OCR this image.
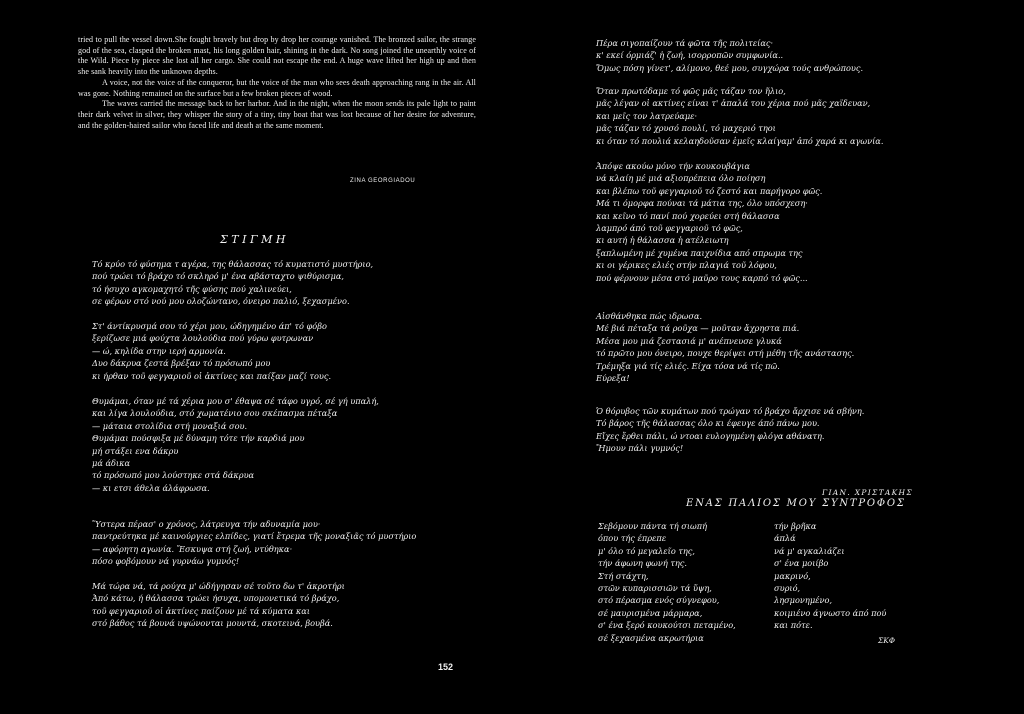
tried to pull the vessel down.She fought bravely but drop by drop her courage vanished. The bronzed sailor, the strange god of the sea, clasped the broken mast, his long golden hair, shining in the dark. No song joined the unearthly voice of the Wild. Piece by piece she lost all her cargo. She could not escape the end. A huge wave lifted her high up and then she sank heavily into the unknown depths.

A voice, not the voice of the conqueror, but the voice of the man who sees death approaching rang in the air. All was gone. Nothing remained on the surface but a few broken pieces of wood.

The waves carried the message back to her harbor. And in the night, when the moon sends its pale light to paint their dark velvet in silver, they whisper the story of a tiny, tiny boat that was lost because of her desire for adventure, and the golden-haired sailor who faced life and death at the same moment.

ZINA GEORGIADOU
ΣΤΙΓΜΗ

Τό κρύο τό φύσημα τ αγέρα, της θάλασσας τό κυματιστό μυστήριο,

πού τρώει τό βράχο τό σκληρό μ' ένα αβάσταχτο ψιθύρισμα,

τό ήσυχο αγκομαχητό τῆς φύσης πού χαλινεύει,

σε φέρων στό νού μου ολοζώντανο, όνειρο παλιό, ξεχασμένο.

Στ' άντίκρυσμά σου τό χέρι μου, ώδηγημένο άπ' τό φόβο

ξερίζωσε μιά φούχτα λουλούδια πού γύρω φυτρωναν

— ώ, κηλίδα στην ιερή αρμονία.

Δυο δάκρυα ζεστά βρέξαν τό πρόσωπό μου

κι ήρθαν τοῦ φεγγαριοῦ οἱ ἀκτίνες και παίξαν μαζί τους.

Θυμάμαι, όταν μέ τά χέρια μου σ' έθαψα σέ τάφο υγρό, σέ γή υπαλή,

και λίγα λουλούδια, στό χωματένιο σου σκέπασμα πέταξα

— μάταια στολίδια στή μοναξιά σου.

Θυμάμαι πούσφιξα μέ δύναμη τότε τήν καρδιά μου

μή στάξει ενα δάκρυ

μά άδικα

τό πρόσωπό μου λούστηκε στά δάκρυα

— κι ετσι άθελα άλάφρωσα.

Ὕστερα πέρασ' ο χρόνος, λάτρευγα τήν αδυναμία μου·

παντρεύτηκα μέ καινούργιες ελπίδες, γιατί ἔτρεμα τῆς μοναξιᾶς τό μυστήριο

— αφόρητη αγωνία. Ἔσκυψα στή ζωή, ντύθηκα·

πόσο φοβόμουν νά γυρνάω γυμνός!

Μά τώρα νά, τά ρούχα μ' ώδήγησαν σέ τοῦτο δω τ' ἀκροτήρι

Ἀπό κάτω, ή θάλασσα τρώει ήσυχα, υπομονετικά τό βράχο,

τοῦ φεγγαριοῦ οἱ ἀκτίνες παίζουν μέ τά κύματα και

στό βάθος τά βουνά υψώνονται μουντά, σκοτεινά, βουβά.

Πέρα σιγοπαίζουν τά φῶτα τῆς πολιτείας·

κ' εκεί όρμιάζ' ἡ ζωή, ισορροπῶν συμφωνία..

Ὅμως πόση γίνετ', αλίμονο, θεέ μου, συγχώρα τούς ανθρώπους.

Ὅταν πρωτόδαμε τό φῶς μᾶς τάζαν τον ἥλιο,

μᾶς λέγαν οἱ ακτίνες είναι τ' ἁπαλά του χέρια πού μᾶς χαϊδευαν,

και μεῖς τον λατρεύαμε·

μᾶς τάζαν τό χρυσό πουλί, τό μαχεριό τηοι

κι όταν τό πουλιά κελαηδοῦσαν ἐμεῖς κλαίγαμ' ἀπό χαρά κι αγωνία.

Ἀπόψε ακούω μόνο τήν κουκουβάγια

νά κλαίη μέ μιά αξιοπρέπεια όλο ποίηση

και βλέπω τοῦ φεγγαριοῦ τό ζεστό και παρήγορο φῶς.

Μά τι όμορφα πούναι τά μάτια της, όλο υπόσχεση·

και κεῖνο τό πανί πού χορεύει στή θάλασσα

λαμπρό άπό τοῦ φεγγαριοῦ τό φῶς,

κι αυτή ἡ θάλασσα ἡ ατέλειωτη

ξαπλωμένη μέ χυμένα παιχνίδια από σπρωμα της

κι οι γέρικες ελιές στήν πλαγιά τοῦ λόφου,

πού φέρνουν μέσα στό μαῦρο τους καρπό τό φῶς...

Αἰσθάνθηκα πώς ιδρωσα.

Μέ βιά πέταξα τά ροῦχα — μοῦταν ἄχρηστα πιά.

Μέσα μου μιά ζεστασιά μ' ανέπνευσε γλυκά

τό πρῶτο μου όνειρο, πουχε θερίψει στή μέθη τῆς ανάστασης.

Τρέμηξα γιά τίς ελιές. Είχα τόσα νά τίς πῶ.

Εύρεξα!

Ὁ θόρυβος τῶν κυμάτων πού τρώγαν τό βράχο ἄρχισε νά σβήνη.

Τό βάρος τῆς θάλασσας όλο κι έφευγε άπό πάνω μου.

Εἴχες ἔρθει πάλι, ώ ντοαι ευλογημένη φλόγα αθάνατη.

Ἤμουν πάλι γυμνός!

ΓΙΑΝ. ΧΡΙΣΤΑΚΗΣ
ΕΝΑΣ ΠΑΛΙΟΣ ΜΟΥ ΣΥΝΤΡΟΦΟΣ

Σεβόμουν πάντα τή σιωπή	τήν βρῆκα

όπου τής έπρεπε	άπλά

μ' όλο τό μεγαλεῖο της,	νά μ' αγκαλιάζει

τήν άφωνη φωνή της.	σ' ένα μοιίβο

Στή στάχτη,	μακρινό,

στῶν κυπαρισσιῶν τά ὕψη,	συριό,

στό πέρασμα ενός σύγνεφου,	λησμονημένο,

σέ μαυρισμένα μάρμαρα,	κοιμιένο άγνωστο άπό πού

σ' ένα ξερό κουκούτσι πεταμένο,	και πότε.

σέ ξεχασμένα ακρωτήρια	ΣΚΦ
152
